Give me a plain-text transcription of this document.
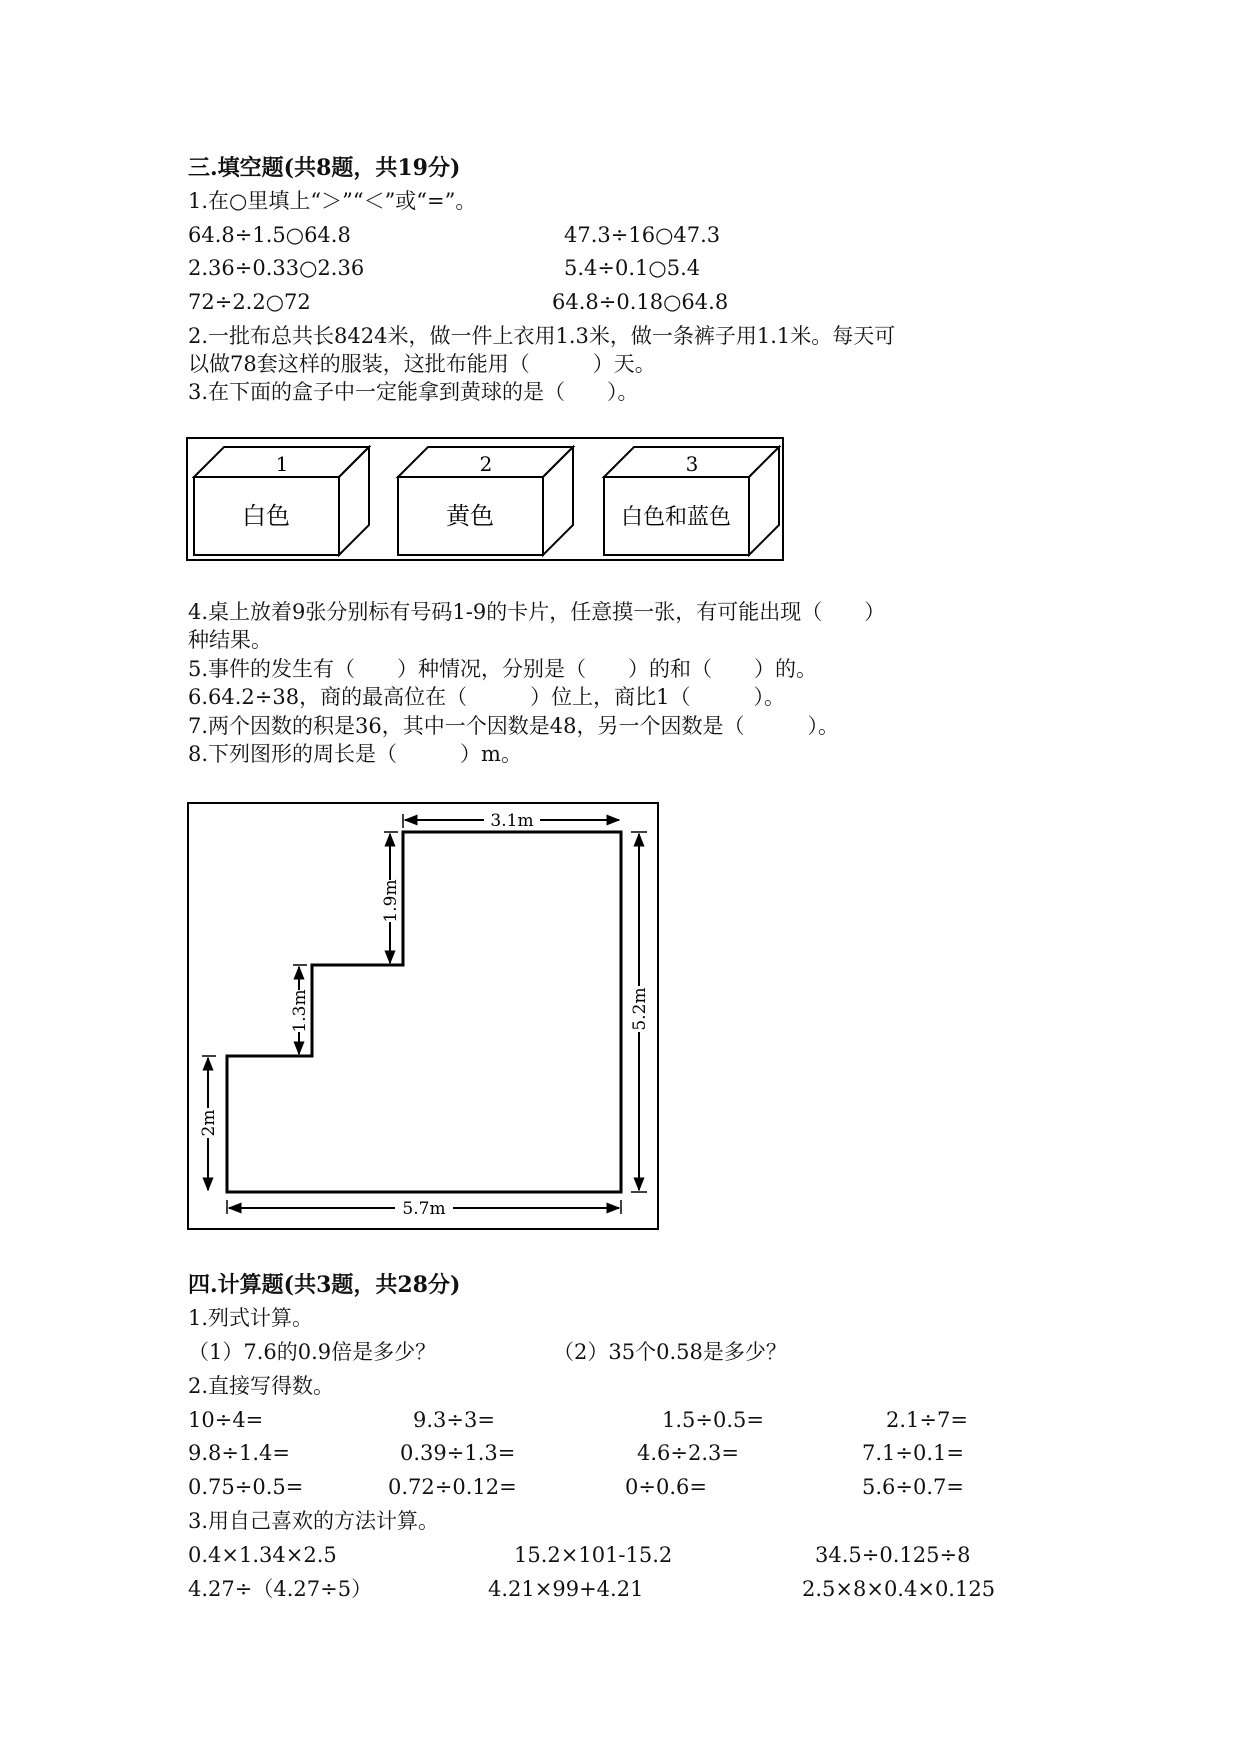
三.填空题(共8题，共19分)
1.在○里填上“＞”“＜”或“=”。
64.8÷1.5○64.8	47.3÷16○47.3
2.36÷0.33○2.36	5.4÷0.1○5.4
72÷2.2○72	64.8÷0.18○64.8
2.一批布总共长8424米，做一件上衣用1.3米，做一条裤子用1.1米。每天可
以做78套这样的服装，这批布能用（　　　）天。
3.在下面的盒子中一定能拿到黄球的是（　　）。
1
白色
2
黄色
3
白色和蓝色
4.桌上放着9张分别标有号码1-9的卡片，任意摸一张，有可能出现（　　）
种结果。
5.事件的发生有（　　）种情况，分别是（　　）的和（　　）的。
6.64.2÷38，商的最高位在（　　　）位上，商比1（　　　）。
7.两个因数的积是36，其中一个因数是48，另一个因数是（　　　）。
8.下列图形的周长是（　　　）m。
3.1m
1.9m
1.3m
2m
5.7m
5.2m
四.计算题(共3题，共28分)
1.列式计算。
（1）7.6的0.9倍是多少？	（2）35个0.58是多少？
2.直接写得数。
10÷4=	9.3÷3=	1.5÷0.5=	2.1÷7=
9.8÷1.4=	0.39÷1.3=	4.6÷2.3=	7.1÷0.1=
0.75÷0.5=	0.72÷0.12=	0÷0.6=	5.6÷0.7=
3.用自己喜欢的方法计算。
0.4×1.34×2.5	15.2×101-15.2	34.5÷0.125÷8
4.27÷（4.27÷5）	4.21×99+4.21	2.5×8×0.4×0.125
